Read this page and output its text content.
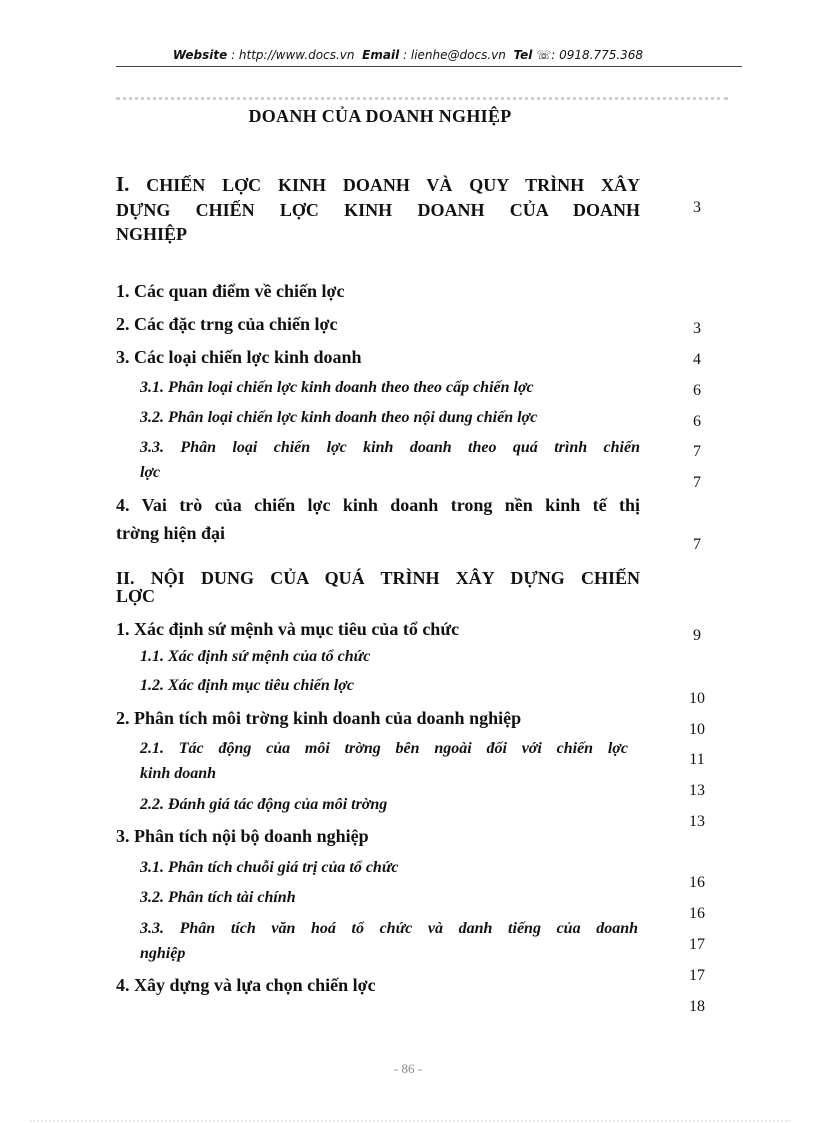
Website : http://www.docs.vn Email : lienhe@docs.vn Tel ☏: 0918.775.368
DOANH CỦA DOANH NGHIỆP
I. CHIẾN LỢC KINH DOANH VÀ QUY TRÌNH XÂY
DỰNG CHIẾN LỢC KINH DOANH CỦA DOANH
NGHIỆP
1. Các quan điểm về chiến lợc
2. Các đặc trng của chiến lợc
3. Các loại chiến lợc kinh doanh
3.1. Phân loại chiến lợc kinh doanh theo theo cấp chiến lợc
3.2. Phân loại chiến lợc kinh doanh theo nội dung chiến lợc
3.3. Phân loại chiến lợc kinh doanh theo quá trình chiến
lợc
4. Vai trò của chiến lợc kinh doanh trong nền kinh tế thị
trờng hiện đại
II. NỘI DUNG CỦA QUÁ TRÌNH XÂY DỰNG CHIẾN
LỢC
1. Xác định sứ mệnh và mục tiêu của tổ chức
1.1. Xác định sứ mệnh của tổ chức
1.2. Xác định mục tiêu chiến lợc
2. Phân tích môi trờng kinh doanh của doanh nghiệp
2.1. Tác động của môi trờng bên ngoài đối với chiến lợc
kinh doanh
2.2. Đánh giá tác động của môi trờng
3. Phân tích nội bộ doanh nghiệp
3.1. Phân tích chuỗi giá trị của tổ chức
3.2. Phân tích tài chính
3.3. Phân tích văn hoá tổ chức và danh tiếng của doanh
nghiệp
4. Xây dựng và lựa chọn chiến lợc
3
3
4
6
6
7
7
7
9
10
10
11
13
13
16
16
17
17
18
- 86 -
